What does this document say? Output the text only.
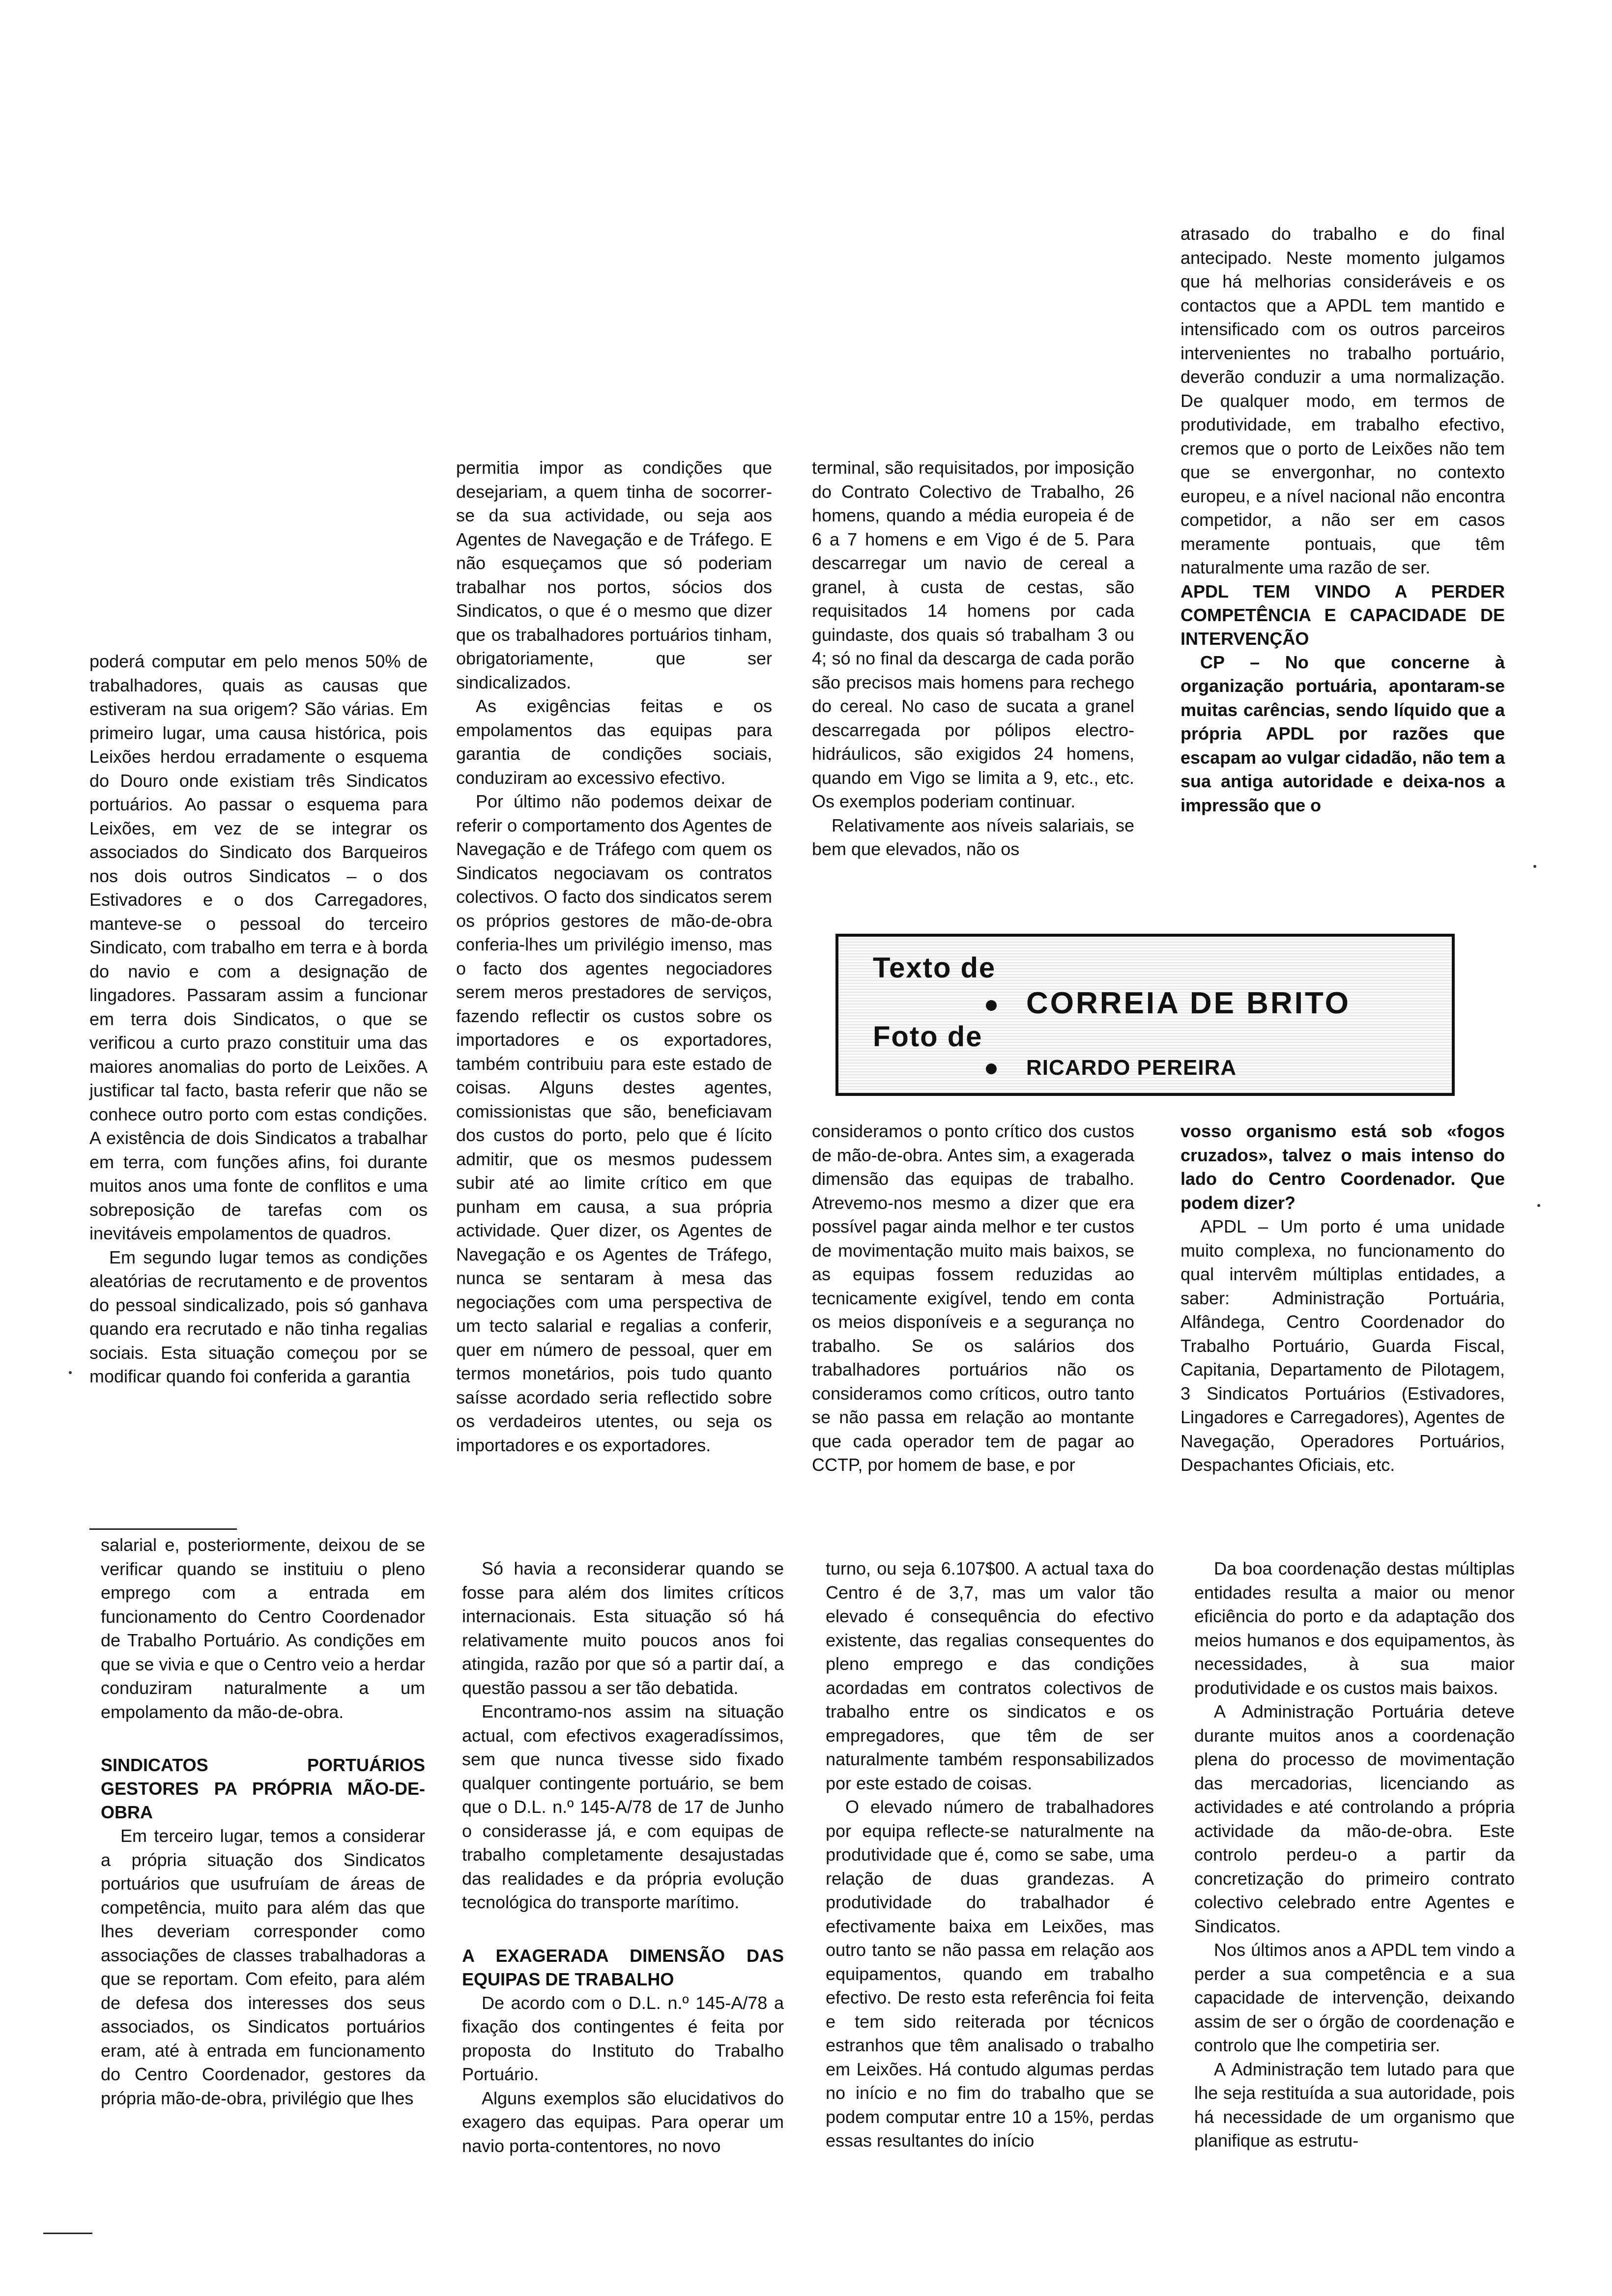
poderá computar em pelo menos 50% de trabalhadores, quais as causas que estiveram na sua origem? São várias. Em primeiro lugar, uma causa histórica, pois Leixões herdou erradamente o esquema do Douro onde existiam três Sindicatos portuários. Ao passar o esquema para Leixões, em vez de se integrar os associados do Sindicato dos Barqueiros nos dois outros Sindicatos – o dos Estivadores e o dos Carregadores, manteve-se o pessoal do terceiro Sindicato, com trabalho em terra e à borda do navio e com a designação de lingadores. Passaram assim a funcionar em terra dois Sindicatos, o que se verificou a curto prazo constituir uma das maiores anomalias do porto de Leixões. A justificar tal facto, basta referir que não se conhece outro porto com estas condições. A existência de dois Sindicatos a trabalhar em terra, com funções afins, foi durante muitos anos uma fonte de conflitos e uma sobreposição de tarefas com os inevitáveis empolamentos de quadros.

Em segundo lugar temos as condições aleatórias de recrutamento e de proventos do pessoal sindicalizado, pois só ganhava quando era recrutado e não tinha regalias sociais. Esta situação começou por se modificar quando foi conferida a garantia

permitia impor as condições que desejariam, a quem tinha de socorrer-se da sua actividade, ou seja aos Agentes de Navegação e de Tráfego. E não esqueçamos que só poderiam trabalhar nos portos, sócios dos Sindicatos, o que é o mesmo que dizer que os trabalhadores portuários tinham, obrigatoriamente, que ser sindicalizados.

As exigências feitas e os empolamentos das equipas para garantia de condições sociais, conduziram ao excessivo efectivo.

Por último não podemos deixar de referir o comportamento dos Agentes de Navegação e de Tráfego com quem os Sindicatos negociavam os contratos colectivos. O facto dos sindicatos serem os próprios gestores de mão-de-obra conferia-lhes um privilégio imenso, mas o facto dos agentes negociadores serem meros prestadores de serviços, fazendo reflectir os custos sobre os importadores e os exportadores, também contribuiu para este estado de coisas. Alguns destes agentes, comissionistas que são, beneficiavam dos custos do porto, pelo que é lícito admitir, que os mesmos pudessem subir até ao limite crítico em que punham em causa, a sua própria actividade. Quer dizer, os Agentes de Navegação e os Agentes de Tráfego, nunca se sentaram à mesa das negociações com uma perspectiva de um tecto salarial e regalias a conferir, quer em número de pessoal, quer em termos monetários, pois tudo quanto saísse acordado seria reflectido sobre os verdadeiros utentes, ou seja os importadores e os exportadores.

terminal, são requisitados, por imposição do Contrato Colectivo de Trabalho, 26 homens, quando a média europeia é de 6 a 7 homens e em Vigo é de 5. Para descarregar um navio de cereal a granel, à custa de cestas, são requisitados 14 homens por cada guindaste, dos quais só trabalham 3 ou 4; só no final da descarga de cada porão são precisos mais homens para rechego do cereal. No caso de sucata a granel descarregada por pólipos electro-hidráulicos, são exigidos 24 homens, quando em Vigo se limita a 9, etc., etc. Os exemplos poderiam continuar.

Relativamente aos níveis salariais, se bem que elevados, não os

atrasado do trabalho e do final antecipado. Neste momento julgamos que há melhorias consideráveis e os contactos que a APDL tem mantido e intensificado com os outros parceiros intervenientes no trabalho portuário, deverão conduzir a uma normalização. De qualquer modo, em termos de produtividade, em trabalho efectivo, cremos que o porto de Leixões não tem que se envergonhar, no contexto europeu, e a nível nacional não encontra competidor, a não ser em casos meramente pontuais, que têm naturalmente uma razão de ser.

APDL TEM VINDO A PERDER COMPETÊNCIA E CAPACIDADE DE INTERVENÇÃO

CP – No que concerne à organização portuária, apontaram-se muitas carências, sendo líquido que a própria APDL por razões que escapam ao vulgar cidadão, não tem a sua antiga autoridade e deixa-nos a impressão que o

Texto de
CORREIA DE BRITO
Foto de
RICARDO PEREIRA

consideramos o ponto crítico dos custos de mão-de-obra. Antes sim, a exagerada dimensão das equipas de trabalho. Atrevemo-nos mesmo a dizer que era possível pagar ainda melhor e ter custos de movimentação muito mais baixos, se as equipas fossem reduzidas ao tecnicamente exigível, tendo em conta os meios disponíveis e a segurança no trabalho. Se os salários dos trabalhadores portuários não os consideramos como críticos, outro tanto se não passa em relação ao montante que cada operador tem de pagar ao CCTP, por homem de base, e por

vosso organismo está sob «fogos cruzados», talvez o mais intenso do lado do Centro Coordenador. Que podem dizer?

APDL – Um porto é uma unidade muito complexa, no funcionamento do qual intervêm múltiplas entidades, a saber: Administração Portuária, Alfândega, Centro Coordenador do Trabalho Portuário, Guarda Fiscal, Capitania, Departamento de Pilotagem, 3 Sindicatos Portuários (Estivadores, Lingadores e Carregadores), Agentes de Navegação, Operadores Portuários, Despachantes Oficiais, etc.

salarial e, posteriormente, deixou de se verificar quando se instituiu o pleno emprego com a entrada em funcionamento do Centro Coordenador de Trabalho Portuário. As condições em que se vivia e que o Centro veio a herdar conduziram naturalmente a um empolamento da mão-de-obra.

SINDICATOS PORTUÁRIOS GESTORES PA PRÓPRIA MÃO-DE-OBRA

Em terceiro lugar, temos a considerar a própria situação dos Sindicatos portuários que usufruíam de áreas de competência, muito para além das que lhes deveriam corresponder como associações de classes trabalhadoras a que se reportam. Com efeito, para além de defesa dos interesses dos seus associados, os Sindicatos portuários eram, até à entrada em funcionamento do Centro Coordenador, gestores da própria mão-de-obra, privilégio que lhes

Só havia a reconsiderar quando se fosse para além dos limites críticos internacionais. Esta situação só há relativamente muito poucos anos foi atingida, razão por que só a partir daí, a questão passou a ser tão debatida.

Encontramo-nos assim na situação actual, com efectivos exageradíssimos, sem que nunca tivesse sido fixado qualquer contingente portuário, se bem que o D.L. n.º 145-A/78 de 17 de Junho o considerasse já, e com equipas de trabalho completamente desajustadas das realidades e da própria evolução tecnológica do transporte marítimo.

A EXAGERADA DIMENSÃO DAS EQUIPAS DE TRABALHO

De acordo com o D.L. n.º 145-A/78 a fixação dos contingentes é feita por proposta do Instituto do Trabalho Portuário.

Alguns exemplos são elucidativos do exagero das equipas. Para operar um navio porta-contentores, no novo

turno, ou seja 6.107$00. A actual taxa do Centro é de 3,7, mas um valor tão elevado é consequência do efectivo existente, das regalias consequentes do pleno emprego e das condições acordadas em contratos colectivos de trabalho entre os sindicatos e os empregadores, que têm de ser naturalmente também responsabilizados por este estado de coisas.

O elevado número de trabalhadores por equipa reflecte-se naturalmente na produtividade que é, como se sabe, uma relação de duas grandezas. A produtividade do trabalhador é efectivamente baixa em Leixões, mas outro tanto se não passa em relação aos equipamentos, quando em trabalho efectivo. De resto esta referência foi feita e tem sido reiterada por técnicos estranhos que têm analisado o trabalho em Leixões. Há contudo algumas perdas no início e no fim do trabalho que se podem computar entre 10 a 15%, perdas essas resultantes do início

Da boa coordenação destas múltiplas entidades resulta a maior ou menor eficiência do porto e da adaptação dos meios humanos e dos equipamentos, às necessidades, à sua maior produtividade e os custos mais baixos.

A Administração Portuária deteve durante muitos anos a coordenação plena do processo de movimentação das mercadorias, licenciando as actividades e até controlando a própria actividade da mão-de-obra. Este controlo perdeu-o a partir da concretização do primeiro contrato colectivo celebrado entre Agentes e Sindicatos.

Nos últimos anos a APDL tem vindo a perder a sua competência e a sua capacidade de intervenção, deixando assim de ser o órgão de coordenação e controlo que lhe competiria ser.

A Administração tem lutado para que lhe seja restituída a sua autoridade, pois há necessidade de um organismo que planifique as estrutu-
